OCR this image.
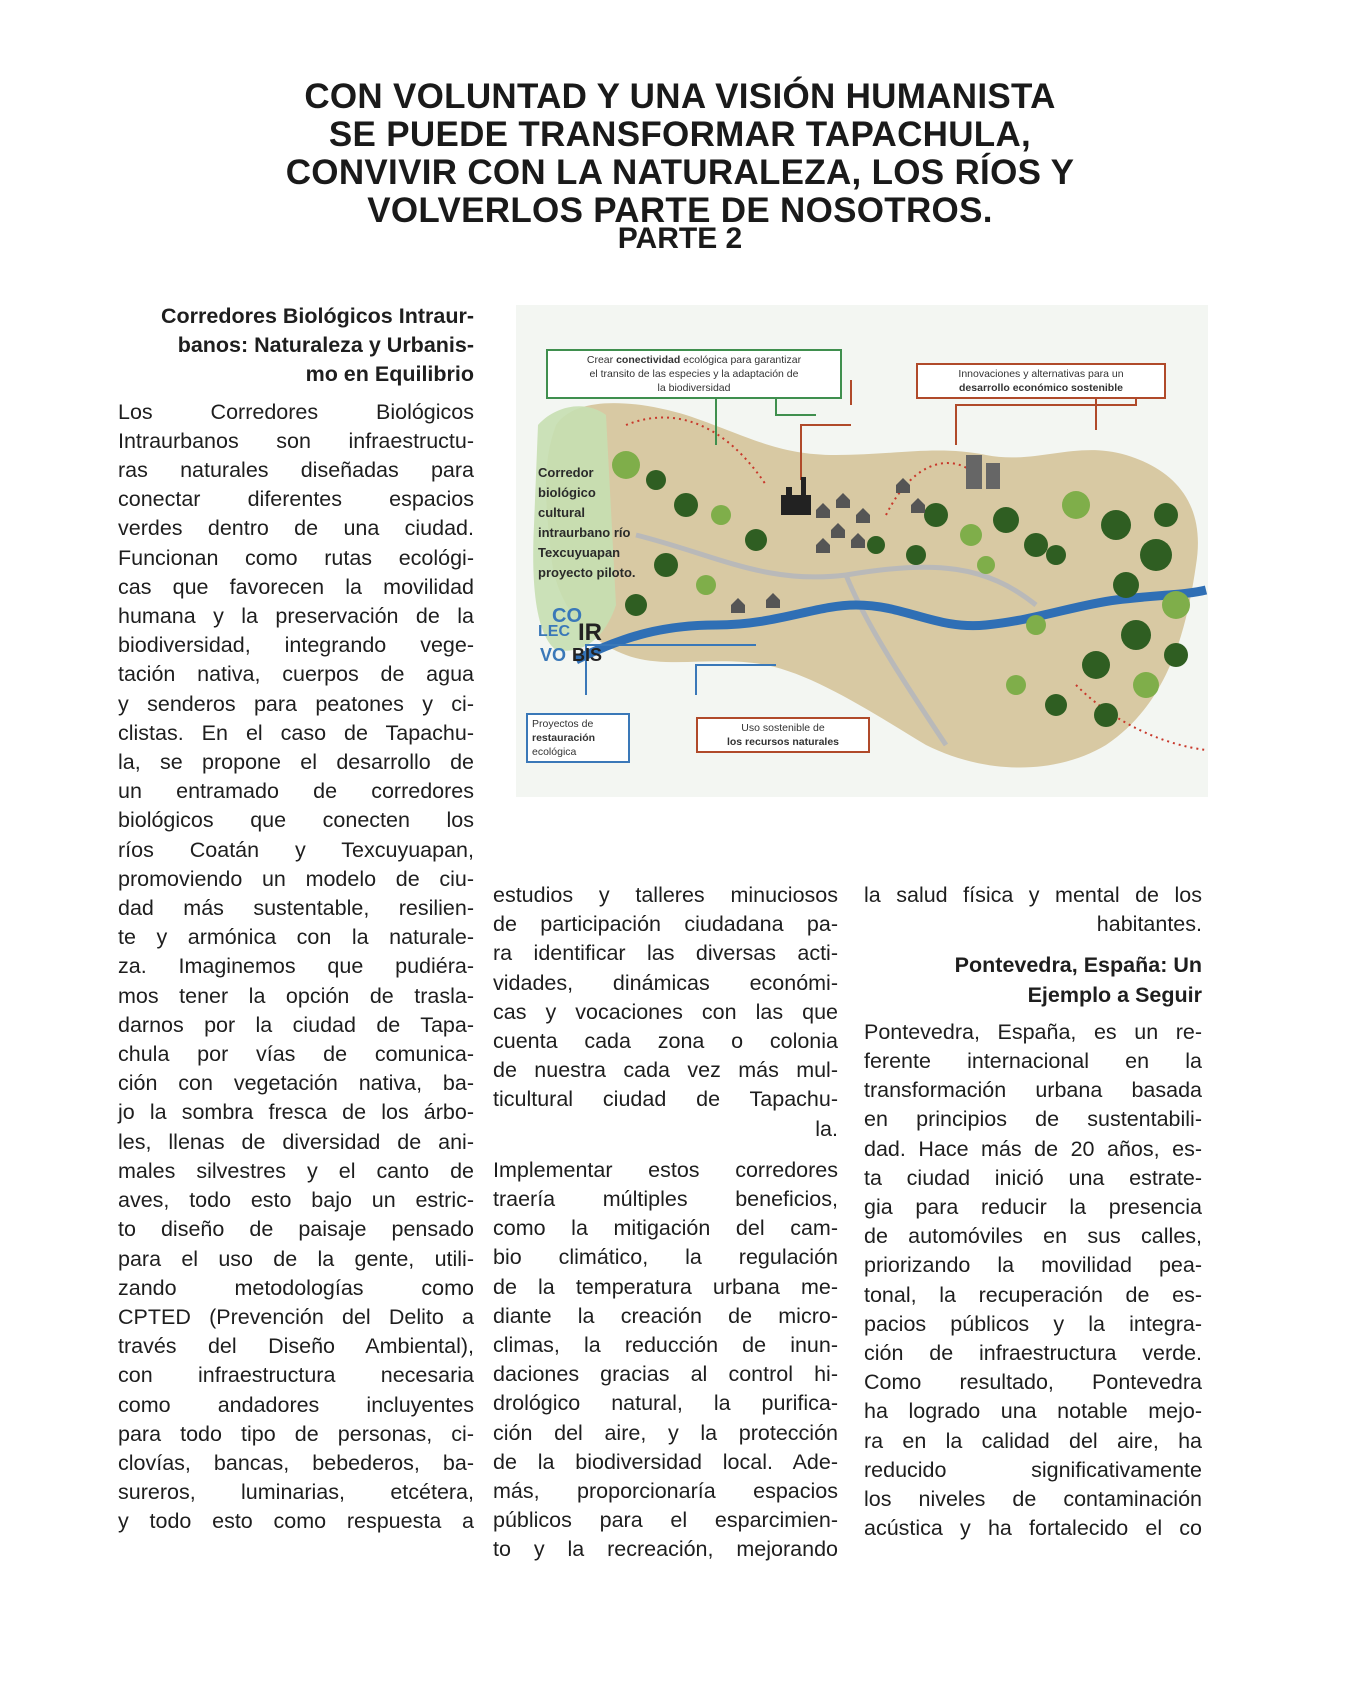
CON VOLUNTAD Y UNA VISIÓN HUMANISTA
SE PUEDE TRANSFORMAR TAPACHULA,
CONVIVIR CON LA NATURALEZA, LOS RÍOS Y
VOLVERLOS PARTE DE NOSOTROS.
PARTE 2
Corredores Biológicos Intraur-
banos: Naturaleza y Urbanis-
mo en Equilibrio
Los Corredores Biológicos
Intraurbanos son infraestructu-
ras naturales diseñadas para
conectar diferentes espacios
verdes dentro de una ciudad.
Funcionan como rutas ecológi-
cas que favorecen la movilidad
humana y la preservación de la
biodiversidad, integrando vege-
tación nativa, cuerpos de agua
y senderos para peatones y ci-
clistas. En el caso de Tapachu-
la, se propone el desarrollo de
un entramado de corredores
biológicos que conecten los
ríos Coatán y Texcuyuapan,
promoviendo un modelo de ciu-
dad más sustentable, resilien-
te y armónica con la naturale-
za. Imaginemos que pudiéra-
mos tener la opción de trasla-
darnos por la ciudad de Tapa-
chula por vías de comunica-
ción con vegetación nativa, ba-
jo la sombra fresca de los árbo-
les, llenas de diversidad de ani-
males silvestres y el canto de
aves, todo esto bajo un estric-
to diseño de paisaje pensado
para el uso de la gente, utili-
zando metodologías como
CPTED (Prevención del Delito a
través del Diseño Ambiental),
con infraestructura necesaria
como andadores incluyentes
para todo tipo de personas, ci-
clovías, bancas, bebederos, ba-
sureros, luminarias, etcétera,
y todo esto como respuesta a
estudios y talleres minuciosos
de participación ciudadana pa-
ra identificar las diversas acti-
vidades, dinámicas económi-
cas y vocaciones con las que
cuenta cada zona o colonia
de nuestra cada vez más mul-
ticultural ciudad de Tapachu-
la.
Implementar estos corredores
traería múltiples beneficios,
como la mitigación del cam-
bio climático, la regulación
de la temperatura urbana me-
diante la creación de micro-
climas, la reducción de inun-
daciones gracias al control hi-
drológico natural, la purifica-
ción del aire, y la protección
de la biodiversidad local. Ade-
más, proporcionaría espacios
públicos para el esparcimien-
to y la recreación, mejorando
la salud física y mental de los
habitantes.
Pontevedra, España: Un
Ejemplo a Seguir
Pontevedra, España, es un re-
ferente internacional en la
transformación urbana basada
en principios de sustentabili-
dad. Hace más de 20 años, es-
ta ciudad inició una estrate-
gia para reducir la presencia
de automóviles en sus calles,
priorizando la movilidad pea-
tonal, la recuperación de es-
pacios públicos y la integra-
ción de infraestructura verde.
Como resultado, Pontevedra
ha logrado una notable mejo-
ra en la calidad del aire, ha
reducido significativamente
los niveles de contaminación
acústica y ha fortalecido el co
Crear conectividad ecológica para garantizar
el transito de las especies y la adaptación de
la biodiversidad
Innovaciones y alternativas para un
desarrollo económico sostenible
Proyectos de
restauración
ecológica
Uso sostenible de
los recursos naturales
Corredor
biológico
cultural
intraurbano río
Texcuyuapan
proyecto piloto.
CO
LEC IR
VO BIS
